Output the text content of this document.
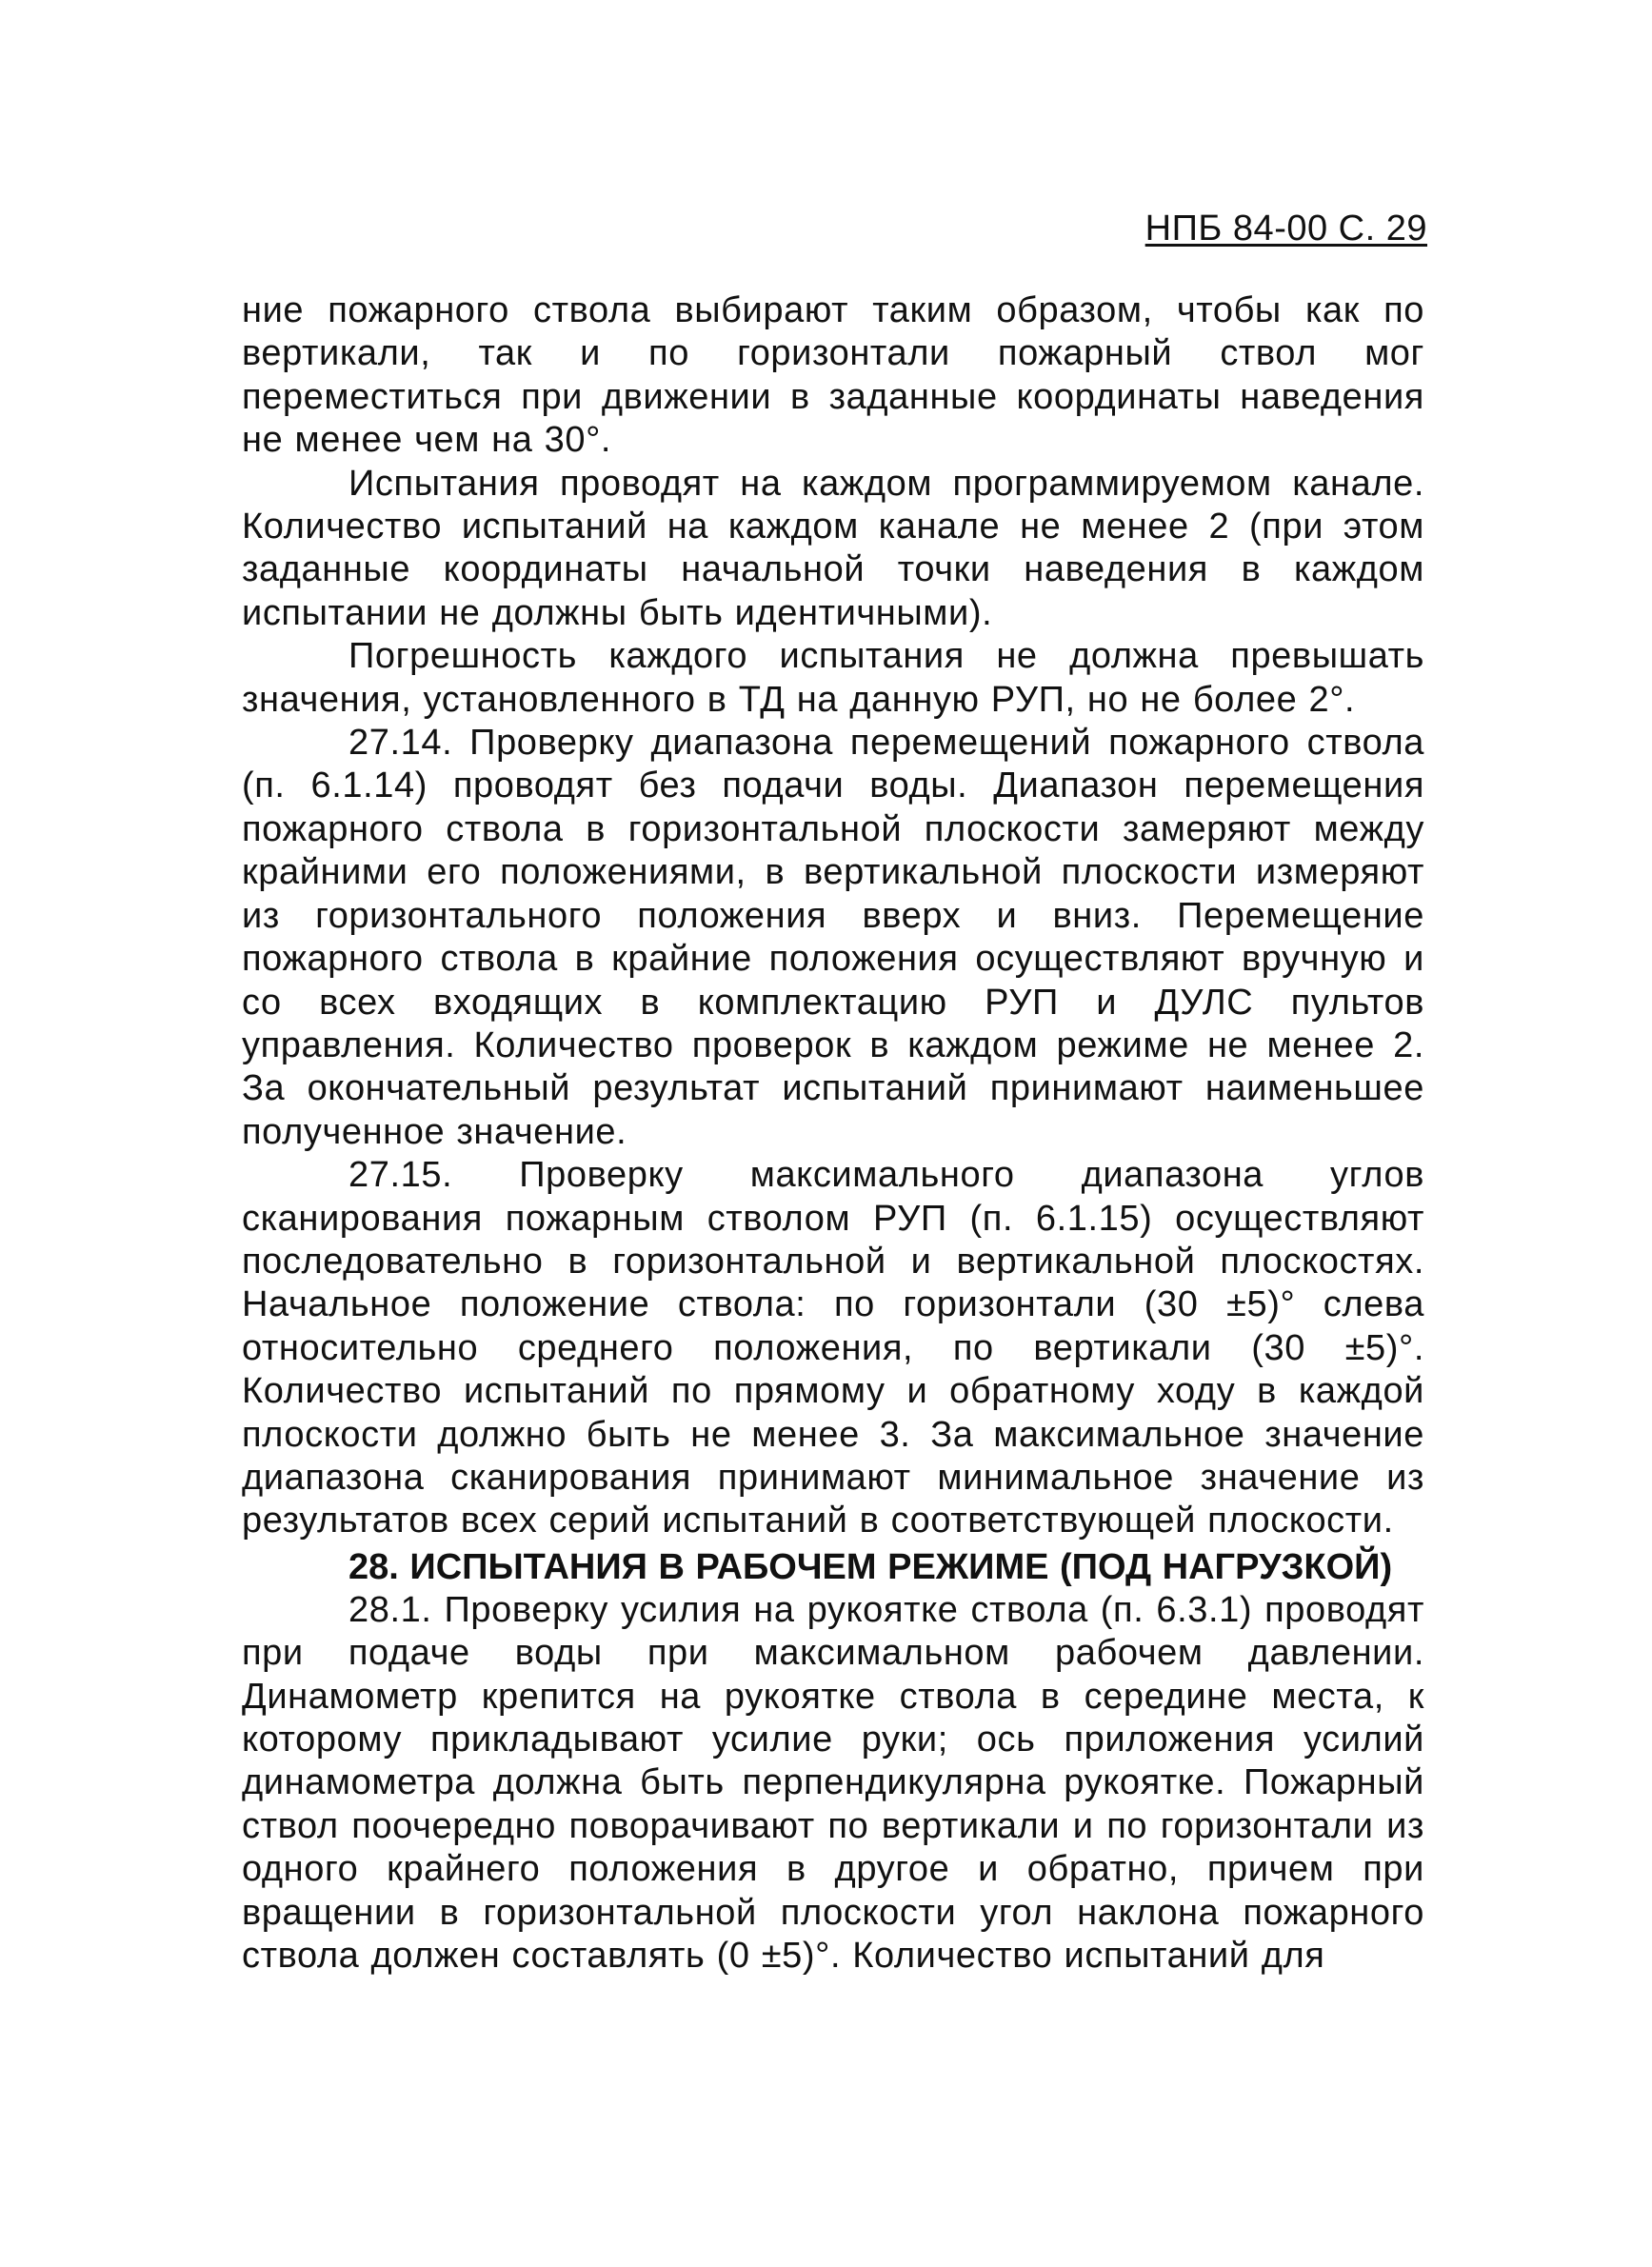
НПБ 84-00 С. 29

ние пожарного ствола выбирают таким образом, чтобы как по вертикали, так и по горизонтали пожарный ствол мог переместиться при движении в заданные координаты наведения не менее чем на 30°.

Испытания проводят на каждом программируемом канале. Количество испытаний на каждом канале не менее 2 (при этом заданные координаты начальной точки наведения в каждом испытании не должны быть идентичными).

Погрешность каждого испытания не должна превышать значения, установленного в ТД на данную РУП, но не более 2°.

27.14. Проверку диапазона перемещений пожарного ствола (п. 6.1.14) проводят без подачи воды. Диапазон перемещения пожарного ствола в горизонтальной плоскости замеряют между крайними его положениями, в вертикальной плоскости измеряют из горизонтального положения вверх и вниз. Перемещение пожарного ствола в крайние положения осуществляют вручную и со всех входящих в комплектацию РУП и ДУЛС пультов управления. Количество проверок в каждом режиме не менее 2. За окончательный результат испытаний принимают наименьшее полученное значение.

27.15. Проверку максимального диапазона углов сканирования пожарным стволом РУП (п. 6.1.15) осуществляют последовательно в горизонтальной и вертикальной плоскостях. Начальное положение ствола: по горизонтали (30 ±5)° слева относительно среднего положения, по вертикали (30 ±5)°. Количество испытаний по прямому и обратному ходу в каждой плоскости должно быть не менее 3. За максимальное значение диапазона сканирования принимают минимальное значение из результатов всех серий испытаний в соответствующей плоскости.

28. ИСПЫТАНИЯ В РАБОЧЕМ РЕЖИМЕ (ПОД НАГРУЗКОЙ)

28.1. Проверку усилия на рукоятке ствола (п. 6.3.1) проводят при подаче воды при максимальном рабочем давлении. Динамометр крепится на рукоятке ствола в середине места, к которому прикладывают усилие руки; ось приложения усилий динамометра должна быть перпендикулярна рукоятке. Пожарный ствол поочередно поворачивают по вертикали и по горизонтали из одного крайнего положения в другое и обратно, причем при вращении в горизонтальной плоскости угол наклона пожарного ствола должен составлять (0 ±5)°. Количество испытаний для
